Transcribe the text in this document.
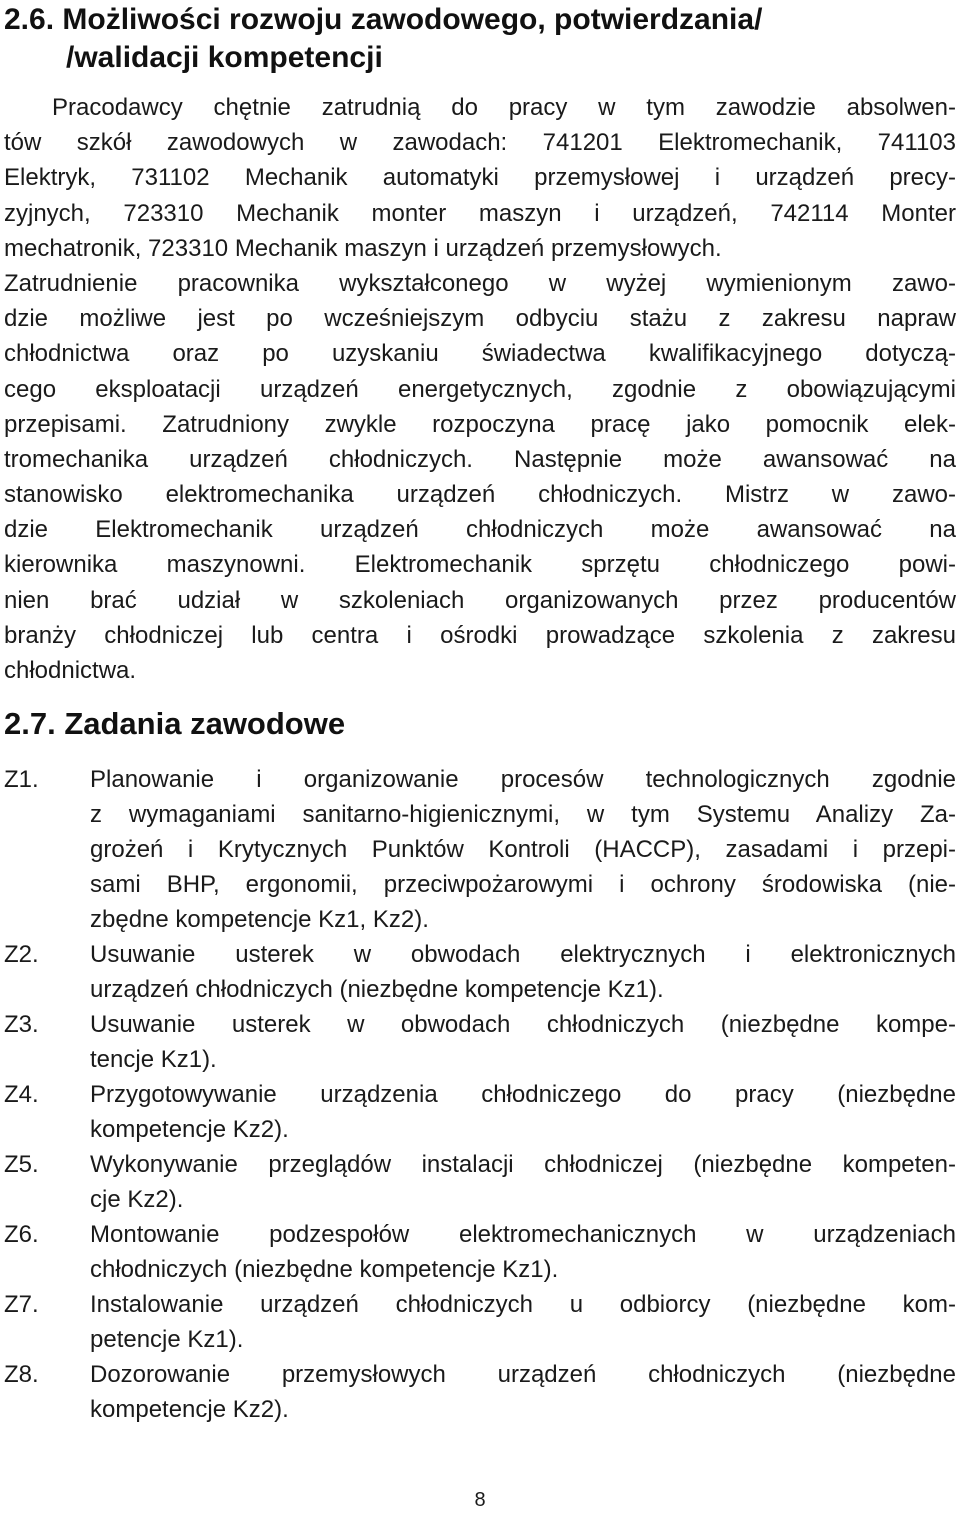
2.6. Możliwości rozwoju zawodowego, potwierdzania/
/walidacji kompetencji
Pracodawcy chętnie zatrudnią do pracy w tym zawodzie absolwen-
tów szkół zawodowych w zawodach: 741201 Elektromechanik, 741103
Elektryk, 731102 Mechanik automatyki przemysłowej i urządzeń precy-
zyjnych, 723310 Mechanik monter maszyn i urządzeń, 742114 Monter
mechatronik, 723310 Mechanik maszyn i urządzeń przemysłowych.
Zatrudnienie pracownika wykształconego w wyżej wymienionym zawo-
dzie możliwe jest po wcześniejszym odbyciu stażu z zakresu napraw
chłodnictwa oraz po uzyskaniu świadectwa kwalifikacyjnego dotyczą-
cego eksploatacji urządzeń energetycznych, zgodnie z obowiązującymi
przepisami. Zatrudniony zwykle rozpoczyna pracę jako pomocnik elek-
tromechanika urządzeń chłodniczych. Następnie może awansować na
stanowisko elektromechanika urządzeń chłodniczych. Mistrz w zawo-
dzie Elektromechanik urządzeń chłodniczych może awansować na
kierownika maszynowni. Elektromechanik sprzętu chłodniczego powi-
nien brać udział w szkoleniach organizowanych przez producentów
branży chłodniczej lub centra i ośrodki prowadzące szkolenia z zakresu
chłodnictwa.
2.7. Zadania zawodowe
Z1.	Planowanie i organizowanie procesów technologicznych zgodnie
z wymaganiami sanitarno-higienicznymi, w tym Systemu Analizy Za-
grożeń i Krytycznych Punktów Kontroli (HACCP), zasadami i przepi-
sami BHP, ergonomii, przeciwpożarowymi i ochrony środowiska (nie-
zbędne kompetencje Kz1, Kz2).
Z2.	Usuwanie usterek w obwodach elektrycznych i elektronicznych
urządzeń chłodniczych (niezbędne kompetencje Kz1).
Z3.	Usuwanie usterek w obwodach chłodniczych (niezbędne kompe-
tencje Kz1).
Z4.	Przygotowywanie urządzenia chłodniczego do pracy (niezbędne
kompetencje Kz2).
Z5.	Wykonywanie przeglądów instalacji chłodniczej (niezbędne kompeten-
cje Kz2).
Z6.	Montowanie podzespołów elektromechanicznych w urządzeniach
chłodniczych (niezbędne kompetencje Kz1).
Z7.	Instalowanie urządzeń chłodniczych u odbiorcy (niezbędne kom-
petencje Kz1).
Z8.	Dozorowanie przemysłowych urządzeń chłodniczych (niezbędne
kompetencje Kz2).
8
